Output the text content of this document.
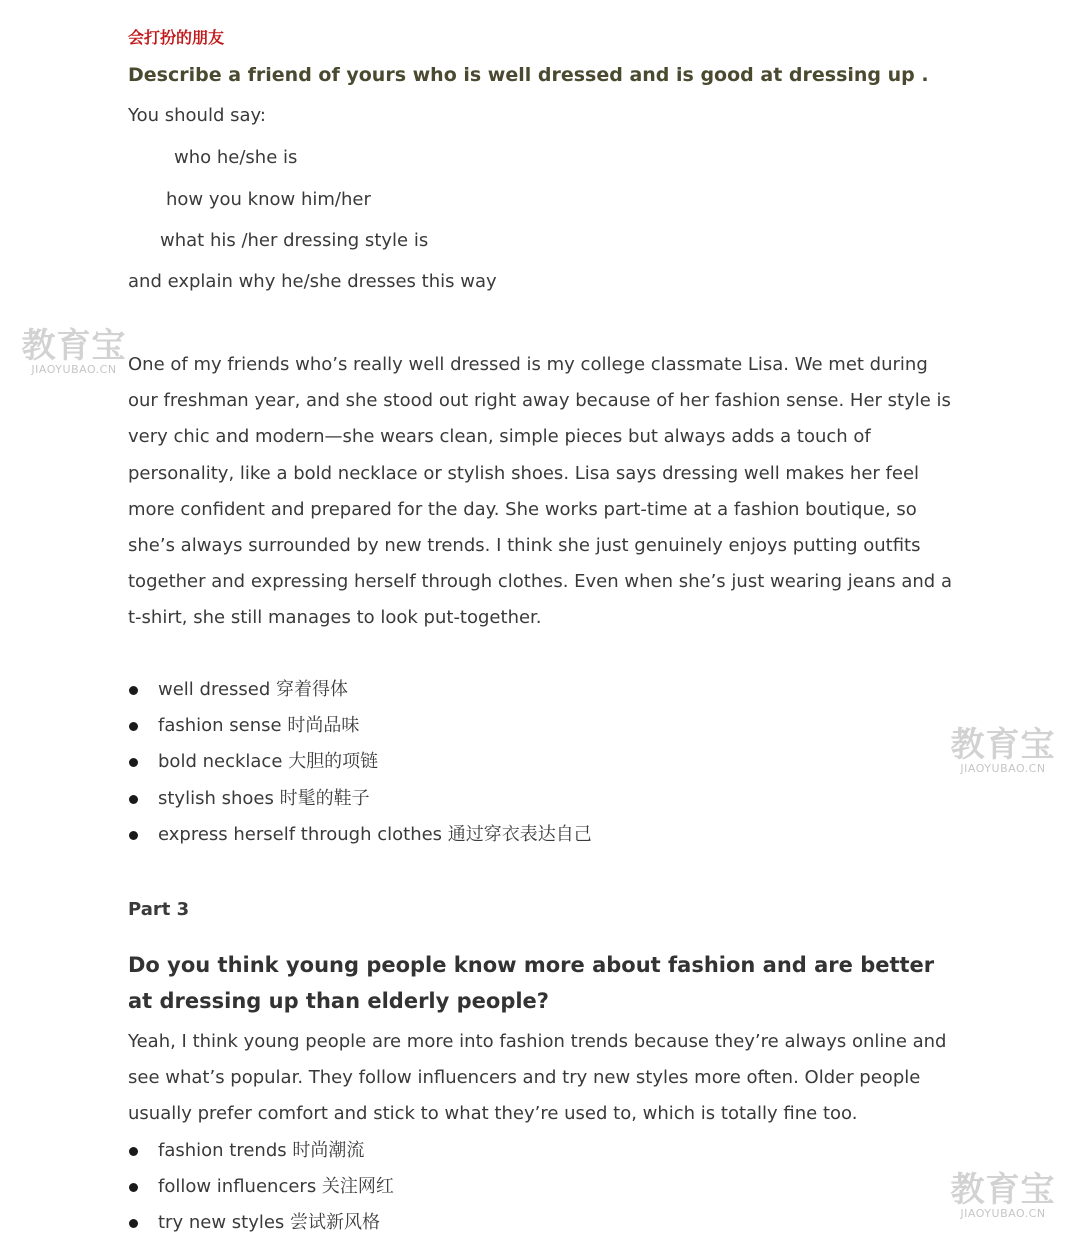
会打扮的朋友
Describe a friend of yours who is well dressed and is good at dressing up .
You should say:
who he/she is
how you know him/her
what his /her dressing style is
and explain why he/she dresses this way
One of my friends who’s really well dressed is my college classmate Lisa. We met during our freshman year, and she stood out right away because of her fashion sense. Her style is very chic and modern—she wears clean, simple pieces but always adds a touch of personality, like a bold necklace or stylish shoes. Lisa says dressing well makes her feel more confident and prepared for the day. She works part-time at a fashion boutique, so she’s always surrounded by new trends. I think she just genuinely enjoys putting outfits together and expressing herself through clothes. Even when she’s just wearing jeans and a t-shirt, she still manages to look put-together.
well dressed 穿着得体
fashion sense 时尚品味
bold necklace 大胆的项链
stylish shoes 时髦的鞋子
express herself through clothes 通过穿衣表达自己
Part 3
Do you think young people know more about fashion and are better at dressing up than elderly people?
Yeah, I think young people are more into fashion trends because they’re always online and see what’s popular. They follow influencers and try new styles more often. Older people usually prefer comfort and stick to what they’re used to, which is totally fine too.
fashion trends 时尚潮流
follow influencers 关注网红
try new styles 尝试新风格
教育宝
JIAOYUBAO.CN
教育宝
JIAOYUBAO.CN
教育宝
JIAOYUBAO.CN
